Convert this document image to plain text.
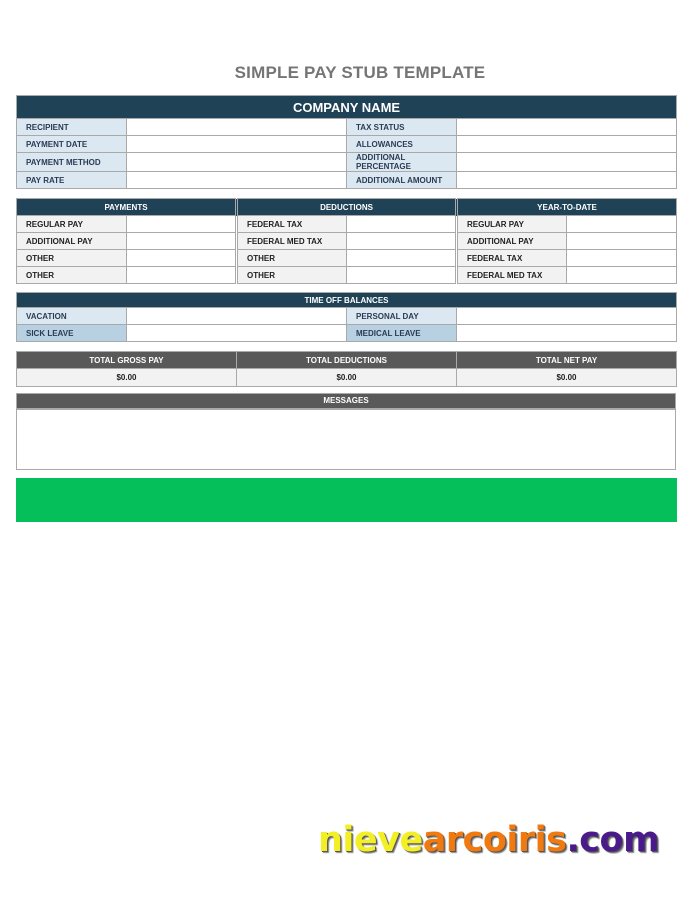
SIMPLE PAY STUB TEMPLATE
COMPANY NAME			
RECIPIENT		TAX STATUS	
PAYMENT DATE		ALLOWANCES	
PAYMENT METHOD		ADDITIONAL PERCENTAGE	
PAY RATE		ADDITIONAL AMOUNT	
PAYMENTS		DEDUCTIONS		YEAR-TO-DATE	
REGULAR PAY		FEDERAL TAX		REGULAR PAY	
ADDITIONAL PAY		FEDERAL MED TAX		ADDITIONAL PAY	
OTHER		OTHER		FEDERAL TAX	
OTHER		OTHER		FEDERAL MED TAX	
TIME OFF BALANCES			
VACATION		PERSONAL DAY	
SICK LEAVE		MEDICAL LEAVE	
TOTAL GROSS PAY	TOTAL DEDUCTIONS	TOTAL NET PAY
$0.00	$0.00	$0.00
MESSAGES

nievearcoiris.com
